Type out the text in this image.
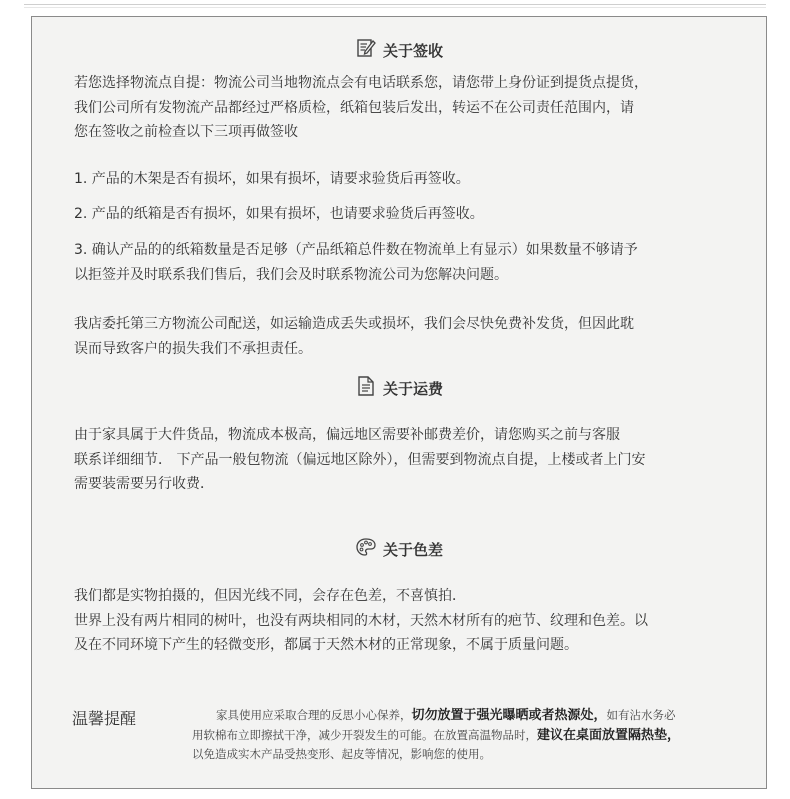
关于签收

若您选择物流点自提：物流公司当地物流点会有电话联系您，请您带上身份证到提货点提货，

我们公司所有发物流产品都经过严格质检，纸箱包装后发出，转运不在公司责任范围内，请

您在签收之前检查以下三项再做签收

1. 产品的木架是否有损坏，如果有损坏，请要求验货后再签收。

2. 产品的纸箱是否有损坏，如果有损坏，也请要求验货后再签收。

3. 确认产品的的纸箱数量是否足够（产品纸箱总件数在物流单上有显示）如果数量不够请予

以拒签并及时联系我们售后，我们会及时联系物流公司为您解决问题。

我店委托第三方物流公司配送，如运输造成丢失或损坏，我们会尽快免费补发货，但因此耽

误而导致客户的损失我们不承担责任。

关于运费

由于家具属于大件货品，物流成本极高，偏远地区需要补邮费差价，请您购买之前与客服

联系详细细节． 下产品一般包物流（偏远地区除外），但需要到物流点自提，上楼或者上门安

需要装需要另行收费．

关于色差

我们都是实物拍摄的，但因光线不同，会存在色差，不喜慎拍．

世界上没有两片相同的树叶，也没有两块相同的木材，天然木材所有的疤节、纹理和色差。以

及在不同环境下产生的轻微变形，都属于天然木材的正常现象，不属于质量问题。

温馨提醒	家具使用应采取合理的反思小心保养，切勿放置于强光曝晒或者热源处，如有沾水务必

用软棉布立即擦拭干净，减少开裂发生的可能。在放置高温物品时，建议在桌面放置隔热垫，

以免造成实木产品受热变形、起皮等情况，影响您的使用。
